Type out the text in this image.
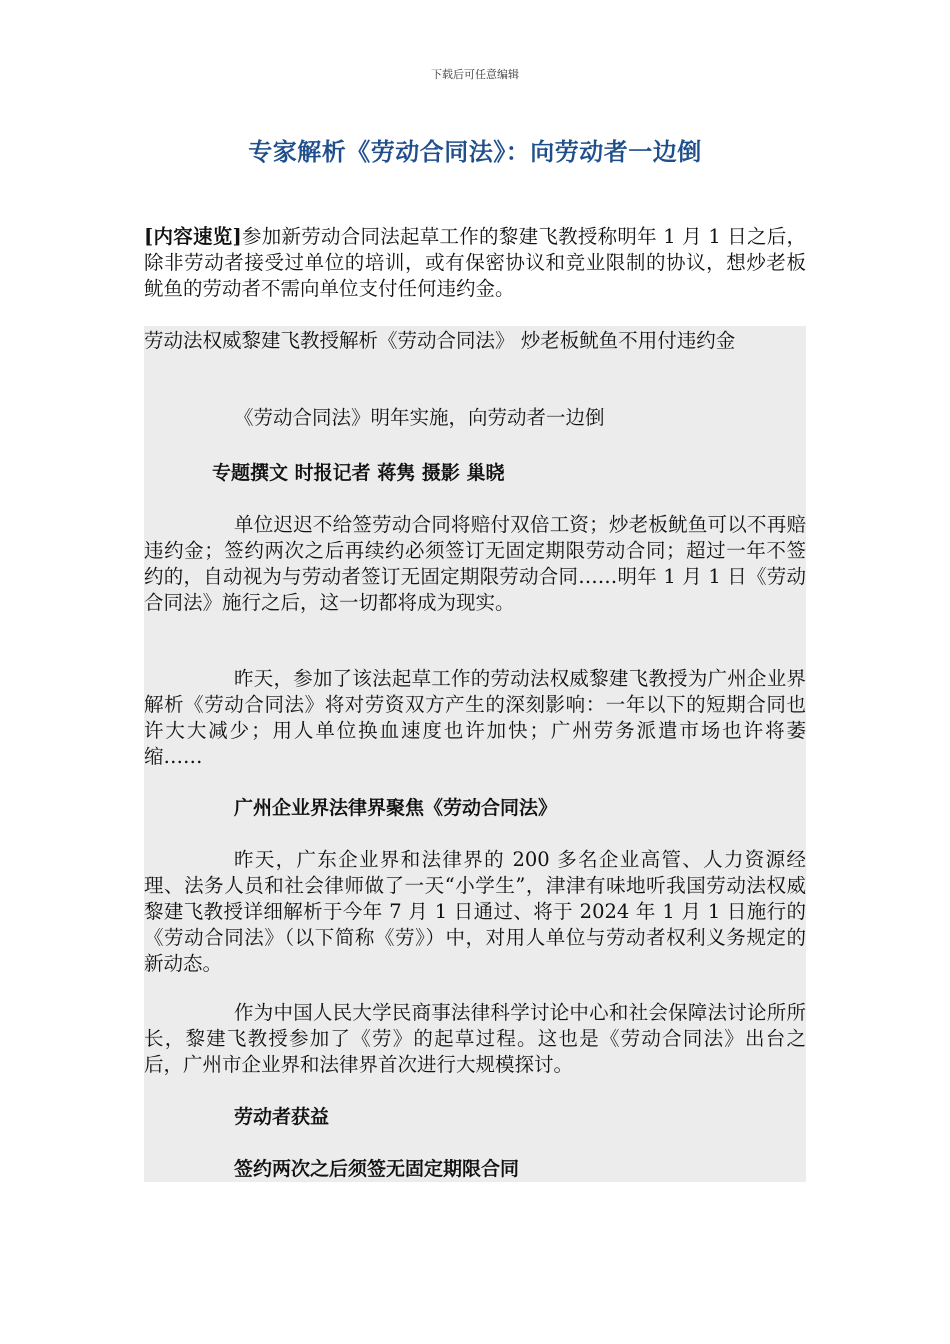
下载后可任意编辑
专家解析《劳动合同法》：向劳动者一边倒
[内容速览]参加新劳动合同法起草工作的黎建飞教授称明年 1 月 1 日之后，除非劳动者接受过单位的培训，或有保密协议和竞业限制的协议，想炒老板鱿鱼的劳动者不需向单位支付任何违约金。
劳动法权威黎建飞教授解析《劳动合同法》 炒老板鱿鱼不用付违约金
《劳动合同法》明年实施，向劳动者一边倒
专题撰文 时报记者 蒋隽 摄影 巢晓
单位迟迟不给签劳动合同将赔付双倍工资；炒老板鱿鱼可以不再赔违约金；签约两次之后再续约必须签订无固定期限劳动合同；超过一年不签约的，自动视为与劳动者签订无固定期限劳动合同……明年 1 月 1 日《劳动合同法》施行之后，这一切都将成为现实。
昨天，参加了该法起草工作的劳动法权威黎建飞教授为广州企业界解析《劳动合同法》将对劳资双方产生的深刻影响：一年以下的短期合同也许大大减少；用人单位换血速度也许加快；广州劳务派遣市场也许将萎缩……
广州企业界法律界聚焦《劳动合同法》
昨天，广东企业界和法律界的 200 多名企业高管、人力资源经理、法务人员和社会律师做了一天“小学生”，津津有味地听我国劳动法权威黎建飞教授详细解析于今年 7 月 1 日通过、将于 2024 年 1 月 1 日施行的《劳动合同法》（以下简称《劳》）中，对用人单位与劳动者权利义务规定的新动态。
作为中国人民大学民商事法律科学讨论中心和社会保障法讨论所所长，黎建飞教授参加了《劳》的起草过程。这也是《劳动合同法》出台之后，广州市企业界和法律界首次进行大规模探讨。
劳动者获益
签约两次之后须签无固定期限合同
